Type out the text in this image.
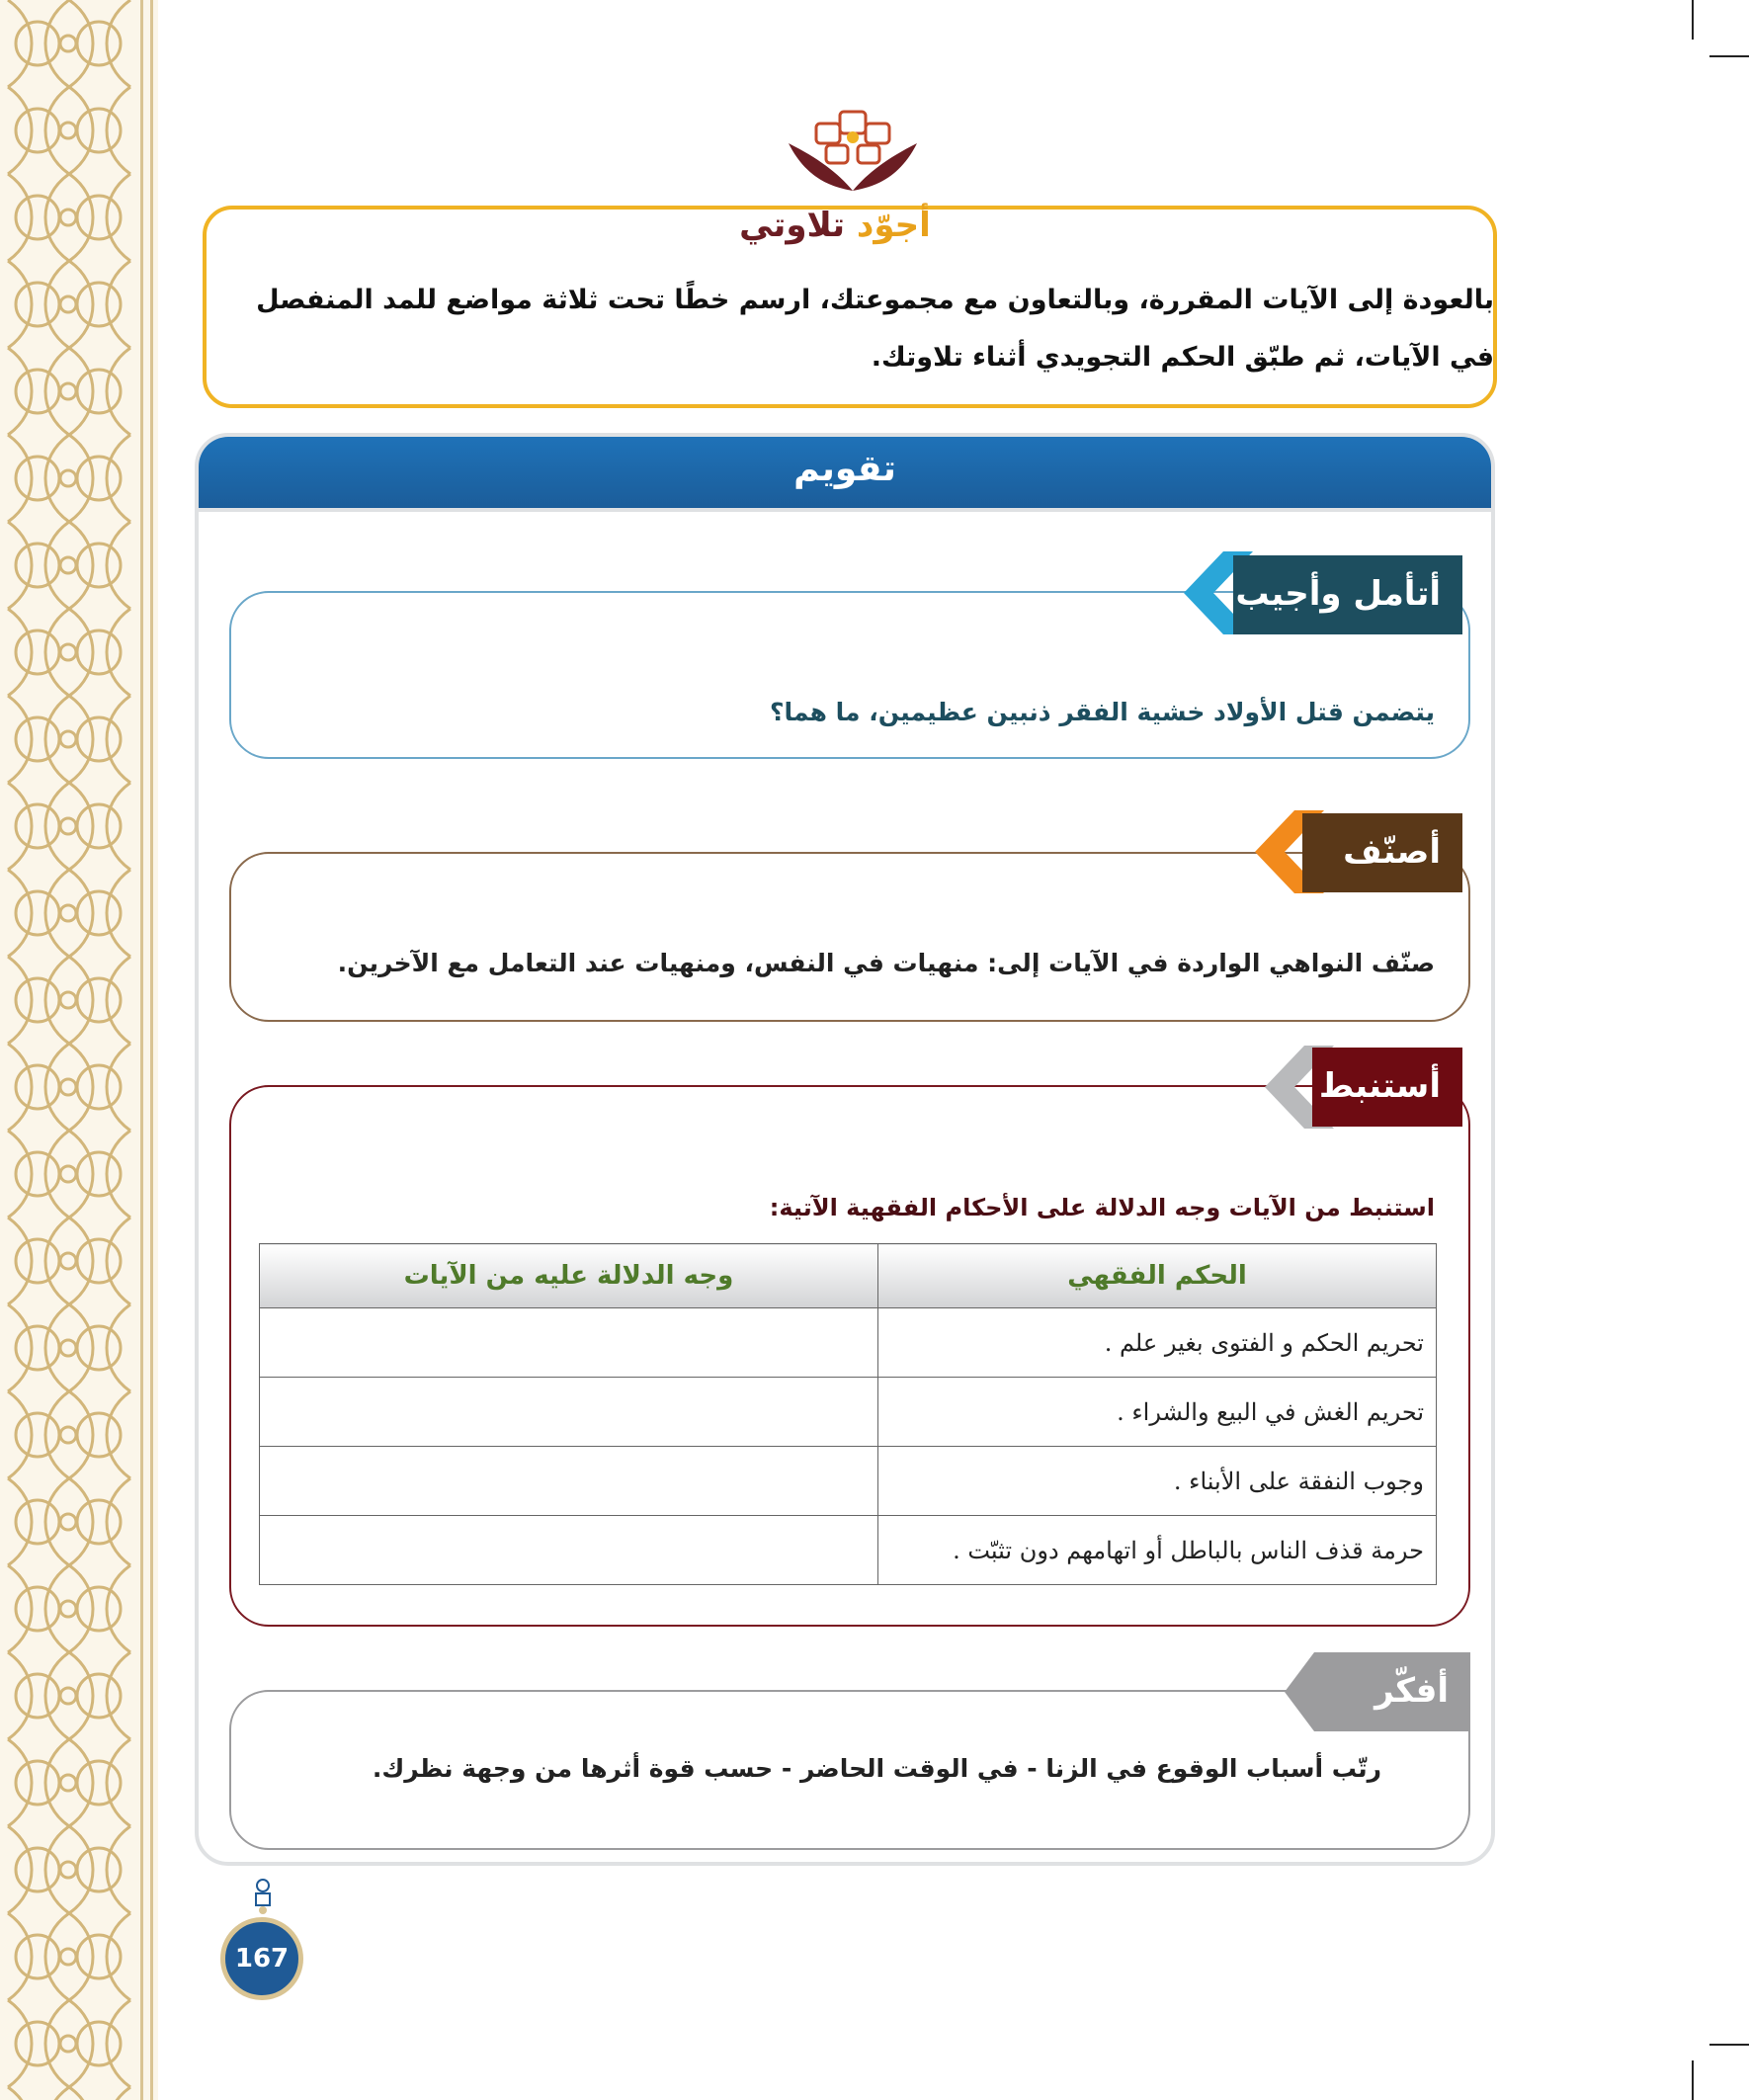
أجوّد تلاوتي
بالعودة إلى الآيات المقررة، وبالتعاون مع مجموعتك، ارسم خطًا تحت ثلاثة مواضع للمد المنفصل في الآيات، ثم طبّق الحكم التجويدي أثناء تلاوتك.
تقويم
أتأمل وأجيب
يتضمن قتل الأولاد خشية الفقر ذنبين عظيمين، ما هما؟
أصنّف
صنّف النواهي الواردة في الآيات إلى: منهيات في النفس، ومنهيات عند التعامل مع الآخرين.
أستنبط
استنبط من الآيات وجه الدلالة على الأحكام الفقهية الآتية:
الحكم الفقهي	وجه الدلالة عليه من الآيات
تحريم الحكم و الفتوى بغير علم .	
تحريم الغش في البيع والشراء .	
وجوب النفقة على الأبناء .	
حرمة قذف الناس بالباطل أو اتهامهم دون تثبّت .	
أفكّر
رتّب أسباب الوقوع في الزنا - في الوقت الحاضر - حسب قوة أثرها من وجهة نظرك.
167
